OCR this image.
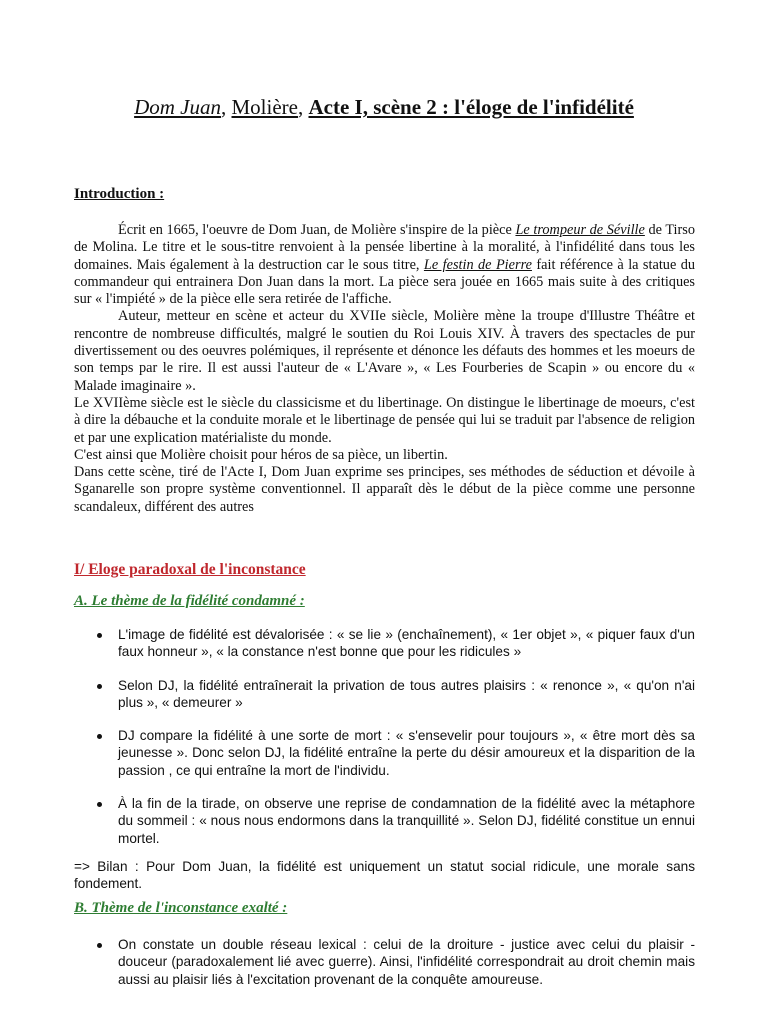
Dom Juan, Molière, Acte I, scène 2 : l'éloge de l'infidélité
Introduction :

Écrit en 1665, l'oeuvre de Dom Juan, de Molière s'inspire de la pièce Le trompeur de Séville de Tirso de Molina. Le titre et le sous-titre renvoient à la pensée libertine à la moralité, à l'infidélité dans tous les domaines. Mais également à la destruction car le sous titre, Le festin de Pierre fait référence à la statue du commandeur qui entrainera Don Juan dans la mort. La pièce sera jouée en 1665 mais suite à des critiques sur « l'impiété » de la pièce elle sera retirée de l'affiche.

Auteur, metteur en scène et acteur du XVIIe siècle, Molière mène la troupe d'Illustre Théâtre et rencontre de nombreuse difficultés, malgré le soutien du Roi Louis XIV. À travers des spectacles de pur divertissement ou des oeuvres polémiques, il représente et dénonce les défauts des hommes et les moeurs de son temps par le rire. Il est aussi l'auteur de « L'Avare », « Les Fourberies de Scapin » ou encore du « Malade imaginaire ».

Le XVIIème siècle est le siècle du classicisme et du libertinage. On distingue le libertinage de moeurs, c'est à dire la débauche et la conduite morale et le libertinage de pensée qui lui se traduit par l'absence de religion et par une explication matérialiste du monde.

C'est ainsi que Molière choisit pour héros de sa pièce, un libertin.

Dans cette scène, tiré de l'Acte I, Dom Juan exprime ses principes, ses méthodes de séduction et dévoile à Sganarelle son propre système conventionnel. Il apparaît dès le début de la pièce comme une personne scandaleux, différent des autres

I/ Eloge paradoxal de l'inconstance
A. Le thème de la fidélité condamné :
L'image de fidélité est dévalorisée : « se lie » (enchaînement), « 1er objet », « piquer faux d'un faux honneur », « la constance n'est bonne que pour les ridicules »
Selon DJ, la fidélité entraînerait la privation de tous autres plaisirs : « renonce », « qu'on n'ai plus », « demeurer »
DJ compare la fidélité à une sorte de mort : « s'ensevelir pour toujours », « être mort dès sa jeunesse ». Donc selon DJ, la fidélité entraîne la perte du désir amoureux et la disparition de la passion , ce qui entraîne la mort de l'individu.
À la fin de la tirade, on observe une reprise de condamnation de la fidélité avec la métaphore du sommeil : « nous nous endormons dans la tranquillité ». Selon DJ, fidélité constitue un ennui mortel.
=> Bilan : Pour Dom Juan, la fidélité est uniquement un statut social ridicule, une morale sans fondement.
B. Thème de l'inconstance exalté :
On constate un double réseau lexical : celui de la droiture - justice avec celui du plaisir - douceur (paradoxalement lié avec guerre). Ainsi, l'infidélité correspondrait au droit chemin mais aussi au plaisir liés à l'excitation provenant de la conquête amoureuse.
